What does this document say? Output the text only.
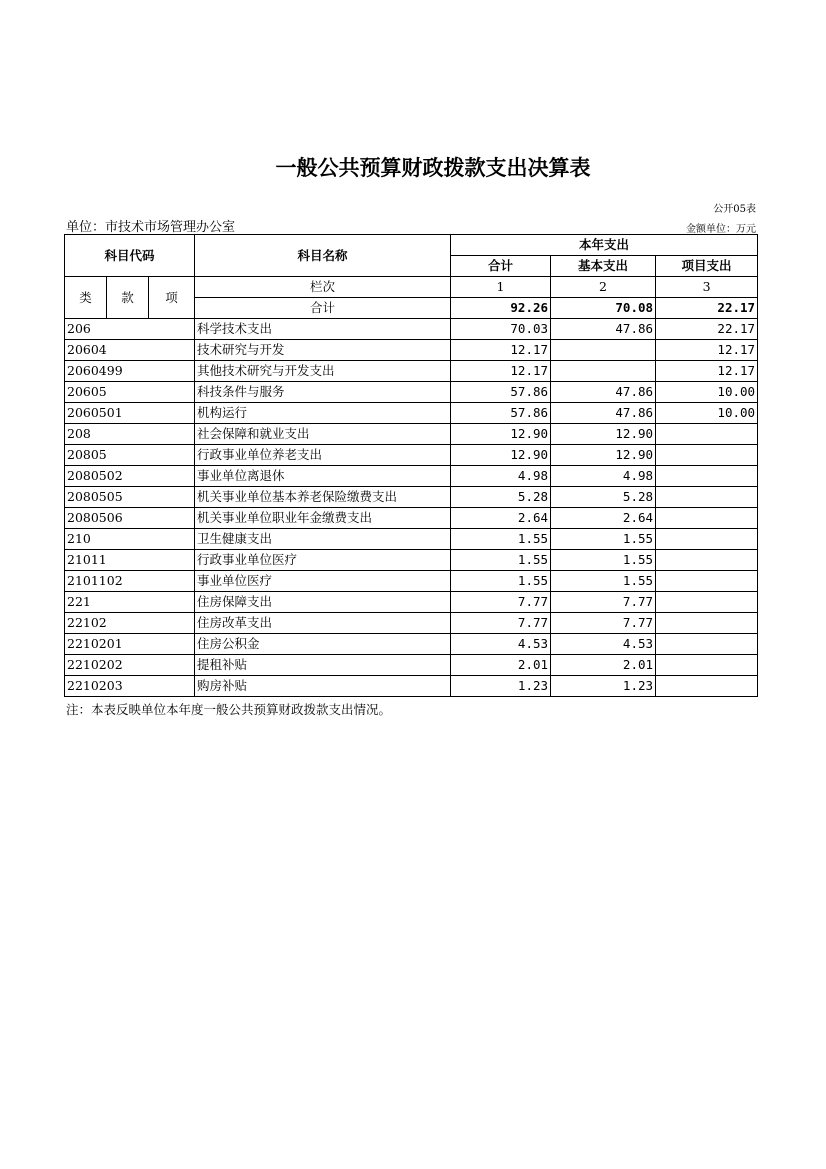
一般公共预算财政拨款支出决算表
公开05表
单位：市技术市场管理办公室	金额单位：万元
科目代码			科目名称	本年支出		
				合计	基本支出	项目支出
类	款	项	栏次	1	2	3
			合计	92.26	70.08	22.17
206			科学技术支出	70.03	47.86	22.17
20604			技术研究与开发	12.17		12.17
2060499			其他技术研究与开发支出	12.17		12.17
20605			科技条件与服务	57.86	47.86	10.00
2060501			机构运行	57.86	47.86	10.00
208			社会保障和就业支出	12.90	12.90	
20805			行政事业单位养老支出	12.90	12.90	
2080502			事业单位离退休	4.98	4.98	
2080505			机关事业单位基本养老保险缴费支出	5.28	5.28	
2080506			机关事业单位职业年金缴费支出	2.64	2.64	
210			卫生健康支出	1.55	1.55	
21011			行政事业单位医疗	1.55	1.55	
2101102			事业单位医疗	1.55	1.55	
221			住房保障支出	7.77	7.77	
22102			住房改革支出	7.77	7.77	
2210201			住房公积金	4.53	4.53	
2210202			提租补贴	2.01	2.01	
2210203			购房补贴	1.23	1.23	
注：本表反映单位本年度一般公共预算财政拨款支出情况。
